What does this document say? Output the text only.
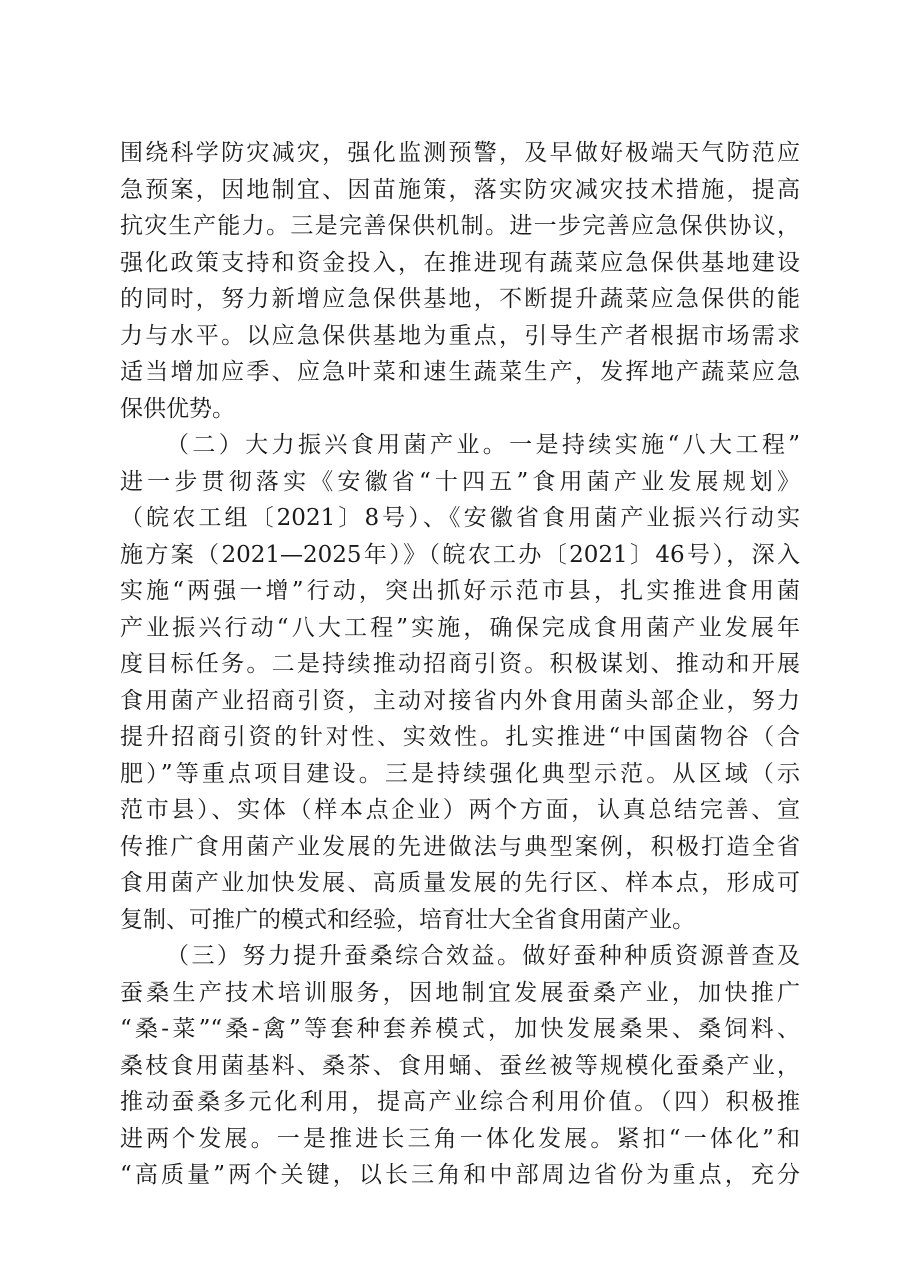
围绕科学防灾减灾，强化监测预警，及早做好极端天气防范应
急预案，因地制宜、因苗施策，落实防灾减灾技术措施，提高
抗灾生产能力。三是完善保供机制。进一步完善应急保供协议，
强化政策支持和资金投入，在推进现有蔬菜应急保供基地建设
的同时，努力新增应急保供基地，不断提升蔬菜应急保供的能
力与水平。以应急保供基地为重点，引导生产者根据市场需求
适当增加应季、应急叶菜和速生蔬菜生产，发挥地产蔬菜应急
保供优势。
（二）大力振兴食用菌产业。一是持续实施“八大工程”
进一步贯彻落实《安徽省“十四五”食用菌产业发展规划》
（皖农工组〔2021〕8号）、《安徽省食用菌产业振兴行动实
施方案（2021—2025年）》（皖农工办〔2021〕46号），深入
实施“两强一增”行动，突出抓好示范市县，扎实推进食用菌
产业振兴行动“八大工程”实施，确保完成食用菌产业发展年
度目标任务。二是持续推动招商引资。积极谋划、推动和开展
食用菌产业招商引资，主动对接省内外食用菌头部企业，努力
提升招商引资的针对性、实效性。扎实推进“中国菌物谷（合
肥）”等重点项目建设。三是持续强化典型示范。从区域（示
范市县）、实体（样本点企业）两个方面，认真总结完善、宣
传推广食用菌产业发展的先进做法与典型案例，积极打造全省
食用菌产业加快发展、高质量发展的先行区、样本点，形成可
复制、可推广的模式和经验，培育壮大全省食用菌产业。
（三）努力提升蚕桑综合效益。做好蚕种种质资源普查及
蚕桑生产技术培训服务，因地制宜发展蚕桑产业，加快推广
“桑-菜”“桑-禽”等套种套养模式，加快发展桑果、桑饲料、
桑枝食用菌基料、桑茶、食用蛹、蚕丝被等规模化蚕桑产业，
推动蚕桑多元化利用，提高产业综合利用价值。（四）积极推
进两个发展。一是推进长三角一体化发展。紧扣“一体化”和
“高质量”两个关键，以长三角和中部周边省份为重点，充分
